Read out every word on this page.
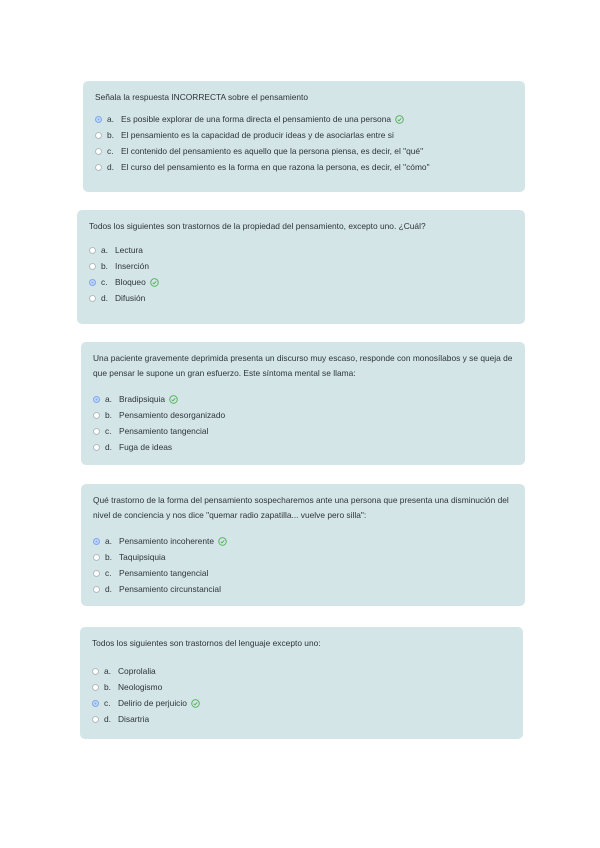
Señala la respuesta INCORRECTA sobre el pensamiento

a. Es posible explorar de una forma directa el pensamiento de una persona
b. El pensamiento es la capacidad de producir ideas y de asociarlas entre si
c. El contenido del pensamiento es aquello que la persona piensa, es decir, el "qué"
d. El curso del pensamiento es la forma en que razona la persona, es decir, el "cómo"

Todos los siguientes son trastornos de la propiedad del pensamiento, excepto uno. ¿Cuál?

a. Lectura
b. Inserción
c. Bloqueo
d. Difusión

Una paciente gravemente deprimida presenta un discurso muy escaso, responde con monosílabos y se queja de que pensar le supone un gran esfuerzo. Este síntoma mental se llama:

a. Bradipsiquia
b. Pensamiento desorganizado
c. Pensamiento tangencial
d. Fuga de ideas

Qué trastorno de la forma del pensamiento sospecharemos ante una persona que presenta una disminución del nivel de conciencia y nos dice "quemar radio zapatilla... vuelve pero silla":

a. Pensamiento incoherente
b. Taquipsiquia
c. Pensamiento tangencial
d. Pensamiento circunstancial

Todos los siguientes son trastornos del lenguaje excepto uno:

a. Coprolalia
b. Neologismo
c. Delirio de perjuicio
d. Disartria
